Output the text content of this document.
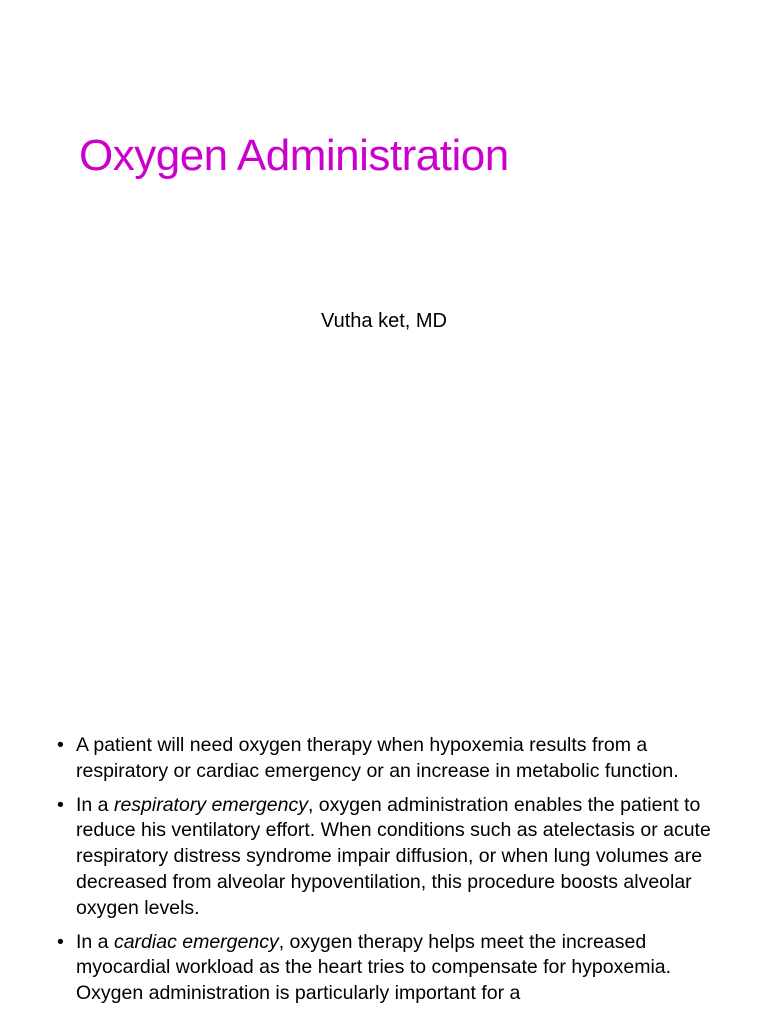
Oxygen Administration
Vutha ket, MD
• A patient will need oxygen therapy when hypoxemia results from a respiratory or cardiac emergency or an increase in metabolic function.
• In a respiratory emergency, oxygen administration enables the patient to reduce his ventilatory effort. When conditions such as atelectasis or acute respiratory distress syndrome impair diffusion, or when lung volumes are decreased from alveolar hypoventilation, this procedure boosts alveolar oxygen levels.
• In a cardiac emergency, oxygen therapy helps meet the increased myocardial workload as the heart tries to compensate for hypoxemia. Oxygen administration is particularly important for a
